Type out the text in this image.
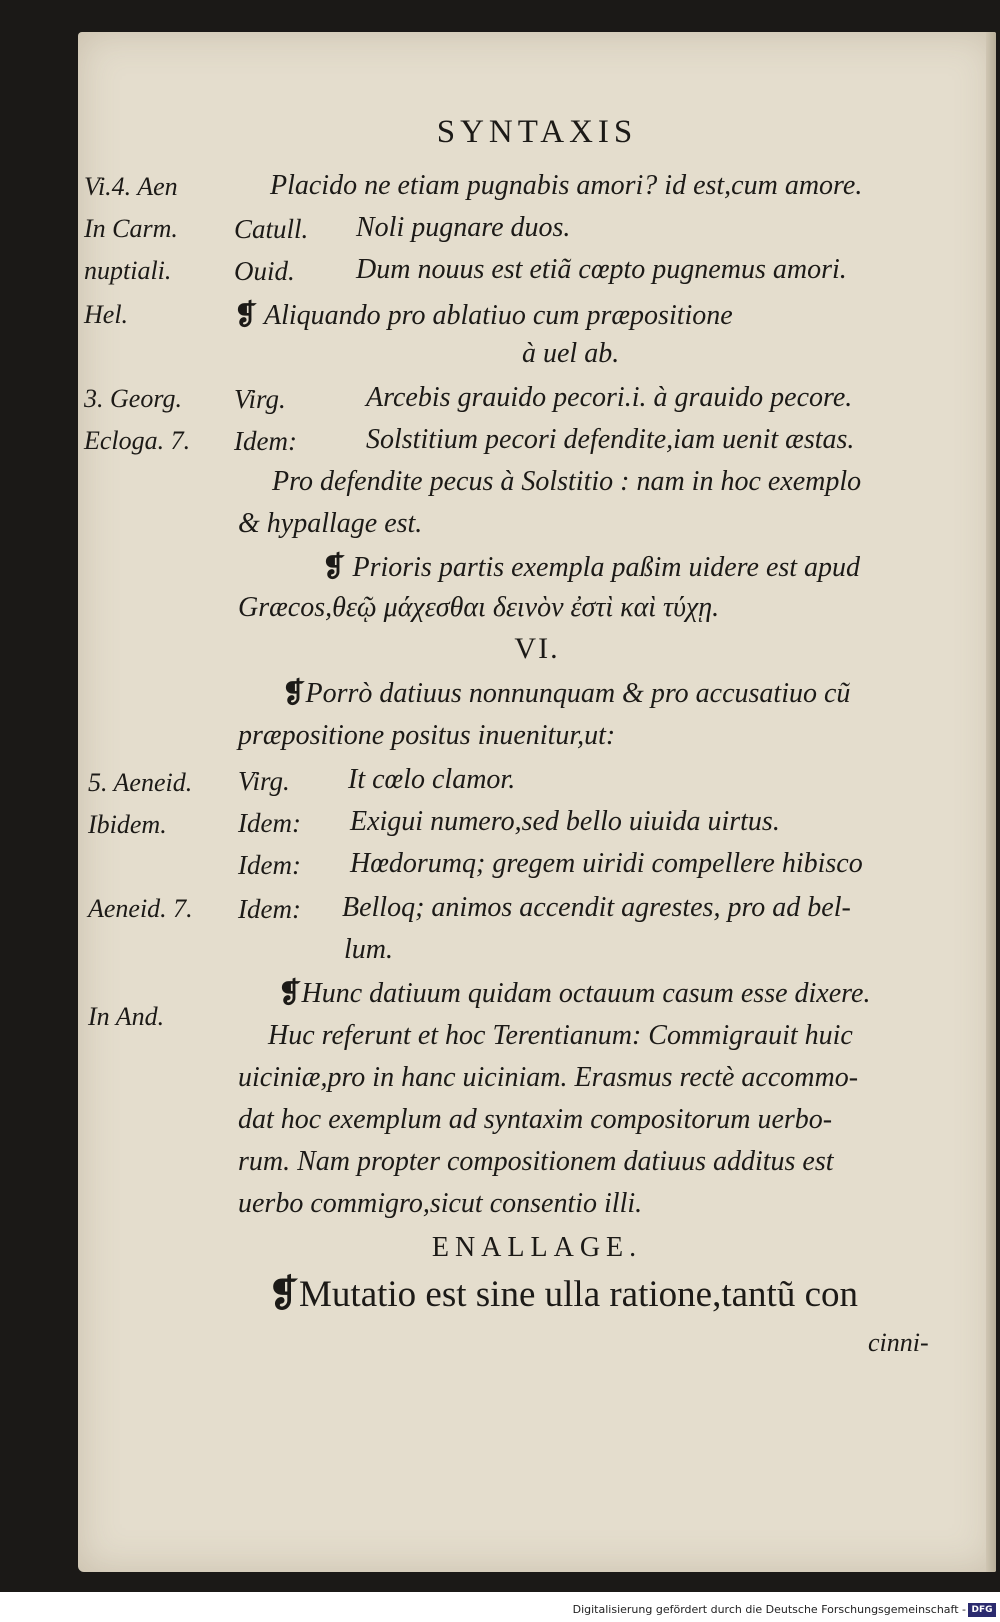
SYNTAXIS
Vi.4. Aen
In Carm.
nuptiali.
Hel.
3. Georg.
Ecloga. 7.
5. Aeneid.
Ibidem.
Aeneid. 7.
In And.
Placido ne etiam pugnabis amori? id est,cum amore.
Catull. Noli pugnare duos.
Ouid. Dum nouus est etiã cœpto pugnemus amori.
❡ Aliquando pro ablatiuo cum præpositione
à uel ab.
Virg.	Arcebis grauido pecori.i. à grauido pecore.
Idem: Solstitium pecori defendite,iam uenit æstas.
Pro defendite pecus à Solstitio : nam in hoc exemplo
& hypallage est.
❡ Prioris partis exempla paßim uidere est apud
Græcos,θεῷ μάχεσθαι δεινὸν ἐστὶ καὶ τύχῃ.
VI.
❡Porrò datiuus nonnunquam & pro accusatiuo cũ
præpositione positus inuenitur,ut:
Virg. It cœlo clamor.
Idem: Exigui numero,sed bello uiuida uirtus.
Idem: Hœdorumq; gregem uiridi compellere hibisco
Idem: Belloq; animos accendit agrestes, pro ad bel-
lum.
❡Hunc datiuum quidam octauum casum esse dixere.
Huc referunt et hoc Terentianum: Commigrauit huic
uiciniæ,pro in hanc uiciniam. Erasmus rectè accommo-
dat hoc exemplum ad syntaxim compositorum uerbo-
rum. Nam propter compositionem datiuus additus est
uerbo commigro,sicut consentio illi.
ENALLAGE.
❡Mutatio est sine ulla ratione,tantũ con
cinni-
Digitalisierung gefördert durch die Deutsche Forschungsgemeinschaft - DFG
